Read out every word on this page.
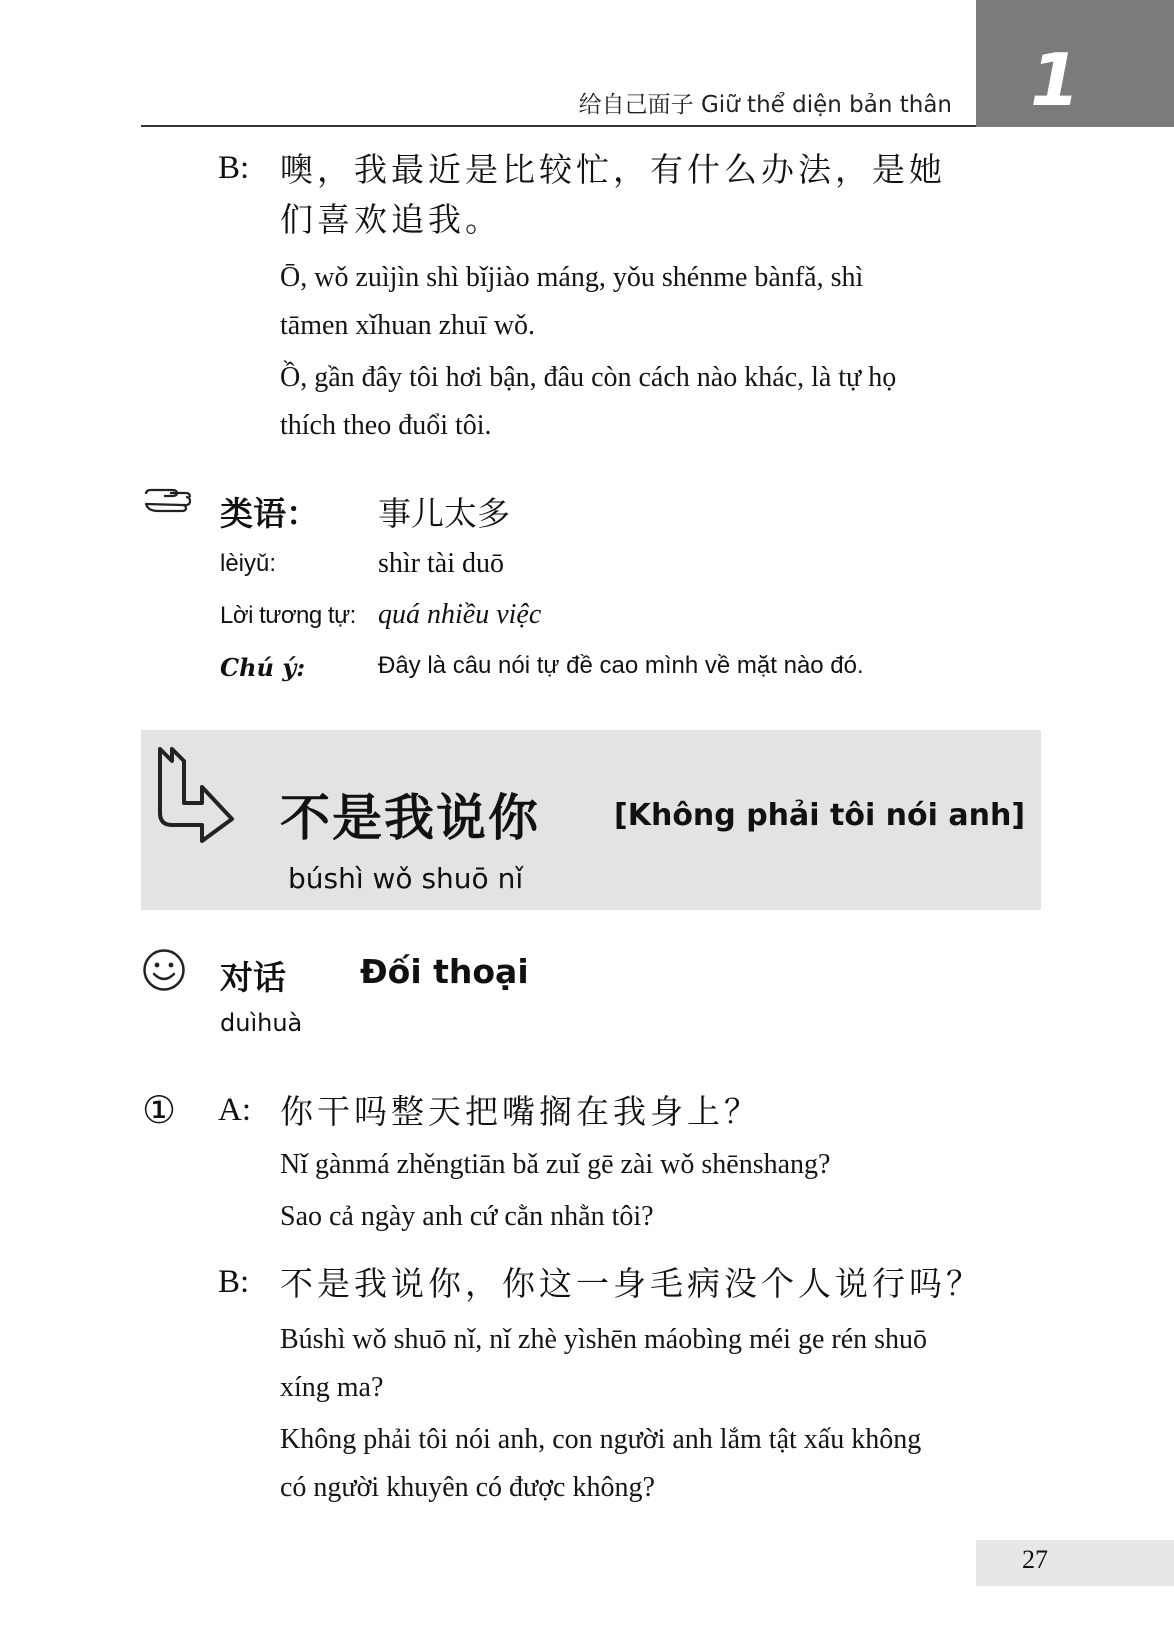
1
给自己面子 Giữ thể diện bản thân
B: 噢，我最近是比较忙，有什么办法，是她
们喜欢追我。
Ō, wǒ zuìjìn shì bǐjiào máng, yǒu shénme bànfǎ, shì
tāmen xǐhuan zhuī wǒ.
Ồ, gần đây tôi hơi bận, đâu còn cách nào khác, là tự họ
thích theo đuổi tôi.
类语： 事儿太多
lèiyǔ:	shìr tài duō
Lời tương tự: quá nhiều việc
Chú ý:	Đây là câu nói tự đề cao mình về mặt nào đó.
不是我说你 [Không phải tôi nói anh]
búshì wǒ shuō nǐ
对话 Đối thoại
duìhuà
① A: 你干吗整天把嘴搁在我身上？
Nǐ gànmá zhěngtiān bǎ zuǐ gē zài wǒ shēnshang?
Sao cả ngày anh cứ cằn nhằn tôi?
B: 不是我说你，你这一身毛病没个人说行吗？
Búshì wǒ shuō nǐ, nǐ zhè yìshēn máobìng méi ge rén shuō
xíng ma?
Không phải tôi nói anh, con người anh lắm tật xấu không
có người khuyên có được không?
27
